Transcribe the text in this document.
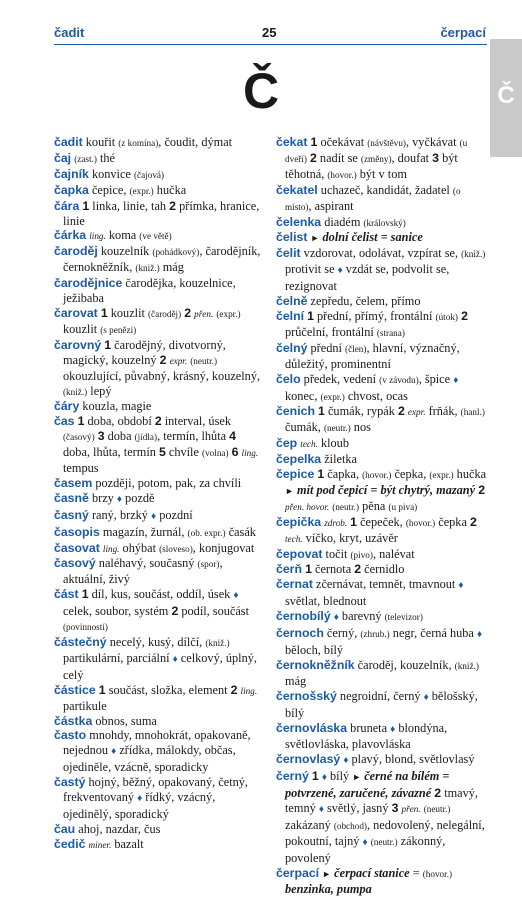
čadit	25	čerpací
Č
Č

čadit kouřit (z komína), čoudit, dýmat

čaj (zast.) thé

čajník konvice (čajová)

čapka čepice, (expr.) hučka

čára 1 linka, linie, tah 2 přímka, hranice, linie

čárka ling. koma (ve větě)

čaroděj kouzelník (pohádkový), čarodějník, černokněžník, (kniž.) mág

čarodějnice čarodějka, kouzelnice, ježibaba

čarovat 1 kouzlit (čaroděj) 2 přen. (expr.) kouzlit (s penězi)

čarovný 1 čarodějný, divotvorný, magický, kouzelný 2 expr. (neutr.) okouzlující, půvabný, krásný, kouzelný, (kniž.) lepý

čáry kouzla, magie

čas 1 doba, období 2 interval, úsek (časový) 3 doba (jídla), termín, lhůta 4 doba, lhůta, termín 5 chvíle (volna) 6 ling. tempus

časem později, potom, pak, za chvíli

časně brzy ♦ pozdě

časný raný, brzký ♦ pozdní

časopis magazín, žurnál, (ob. expr.) časák

časovat ling. ohýbat (sloveso), konjugovat

časový naléhavý, současný (spor), aktuální, živý

část 1 díl, kus, součást, oddíl, úsek ♦ celek, soubor, systém 2 podíl, součást (povinností)

částečný necelý, kusý, dílčí, (kniž.) partikulární, parciální ♦ celkový, úplný, celý

částice 1 součást, složka, element 2 ling. partikule

částka obnos, suma

často mnohdy, mnohokrát, opakovaně, nejednou ♦ zřídka, málokdy, občas, ojediněle, vzácně, sporadicky

častý hojný, běžný, opakovaný, četný, frekventovaný ♦ řídký, vzácný, ojedinělý, sporadický

čau ahoj, nazdar, čus

čedič miner. bazalt

čekat 1 očekávat (návštěvu), vyčkávat (u dveří) 2 nadít se (změny), doufat 3 být těhotná, (hovor.) být v tom

čekatel uchazeč, kandidát, žadatel (o místo), aspirant

čelenka diadém (královský)

čelist ► dolní čelist = sanice

čelit vzdorovat, odolávat, vzpírat se, (kniž.) protivit se ♦ vzdát se, podvolit se, rezignovat

čelně zepředu, čelem, přímo

čelní 1 přední, přímý, frontální (útok) 2 průčelní, frontální (strana)

čelný přední (člen), hlavní, význačný, důležitý, prominentní

čelo předek, vedení (v závodu), špice ♦ konec, (expr.) chvost, ocas

čenich 1 čumák, rypák 2 expr. frňák, (hanl.) čumák, (neutr.) nos

čep tech. kloub

čepelka žiletka

čepice 1 čapka, (hovor.) čepka, (expr.) hučka ► mít pod čepicí = být chytrý, mazaný 2 přen. hovor. (neutr.) pěna (u piva)

čepička zdrob. 1 čepeček, (hovor.) čepka 2 tech. víčko, kryt, uzávěr

čepovat točit (pivo), nalévat

čerň 1 černota 2 černidlo

černat zčernávat, temnět, tmavnout ♦ světlat, blednout

černobílý ♦ barevný (televizor)

černoch černý, (zhrub.) negr, černá huba ♦ běloch, bílý

černokněžník čaroděj, kouzelník, (kniž.) mág

černošský negroidní, černý ♦ bělošský, bílý

černovláska bruneta ♦ blondýna, světlovláska, plavovláska

černovlasý ♦ plavý, blond, světlovlasý

černý 1 ♦ bílý ► černé na bílém = potvrzené, zaručené, závazné 2 tmavý, temný ♦ světlý, jasný 3 přen. (neutr.) zakázaný (obchod), nedovolený, nelegální, pokoutní, tajný ♦ (neutr.) zákonný, povolený

čerpací ► čerpací stanice = (hovor.) benzinka, pumpa
